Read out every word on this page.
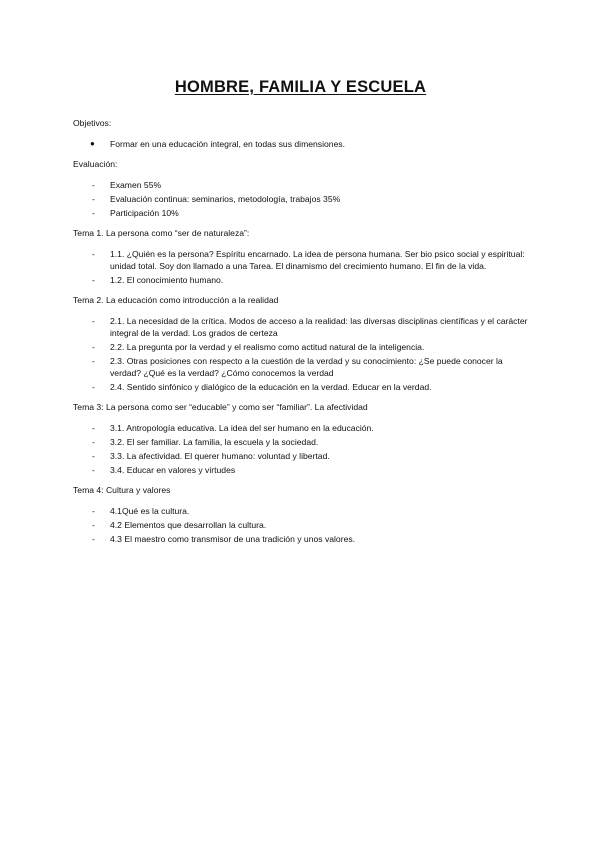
HOMBRE, FAMILIA Y ESCUELA
Objetivos:
● Formar en una educación integral, en todas sus dimensiones.
Evaluación:
- Examen 55%
- Evaluación continua: seminarios, metodología, trabajos 35%
- Participación 10%
Tema 1. La persona como “ser de naturaleza”:
- 1.1. ¿Quién es la persona? Espíritu encarnado. La idea de persona humana. Ser bio psico social y espiritual: unidad total. Soy don llamado a una Tarea. El dinamismo del crecimiento humano. El fin de la vida.
- 1.2. El conocimiento humano.
Tema 2. La educación como introducción a la realidad
- 2.1. La necesidad de la crítica. Modos de acceso a la realidad: las diversas disciplinas científicas y el carácter integral de la verdad. Los grados de certeza
- 2.2. La pregunta por la verdad y el realismo como actitud natural de la inteligencia.
- 2.3. Otras posiciones con respecto a la cuestión de la verdad y su conocimiento: ¿Se puede conocer la verdad? ¿Qué es la verdad? ¿Cómo conocemos la verdad
- 2.4. Sentido sinfónico y dialógico de la educación en la verdad. Educar en la verdad.
Tema 3: La persona como ser “educable” y como ser “familiar”. La afectividad
- 3.1. Antropología educativa. La idea del ser humano en la educación.
- 3.2. El ser familiar. La familia, la escuela y la sociedad.
- 3.3. La afectividad. El querer humano: voluntad y libertad.
- 3.4. Educar en valores y virtudes
Tema 4: Cultura y valores
- 4.1Qué es la cultura.
- 4.2 Elementos que desarrollan la cultura.
- 4.3 El maestro como transmisor de una tradición y unos valores.
